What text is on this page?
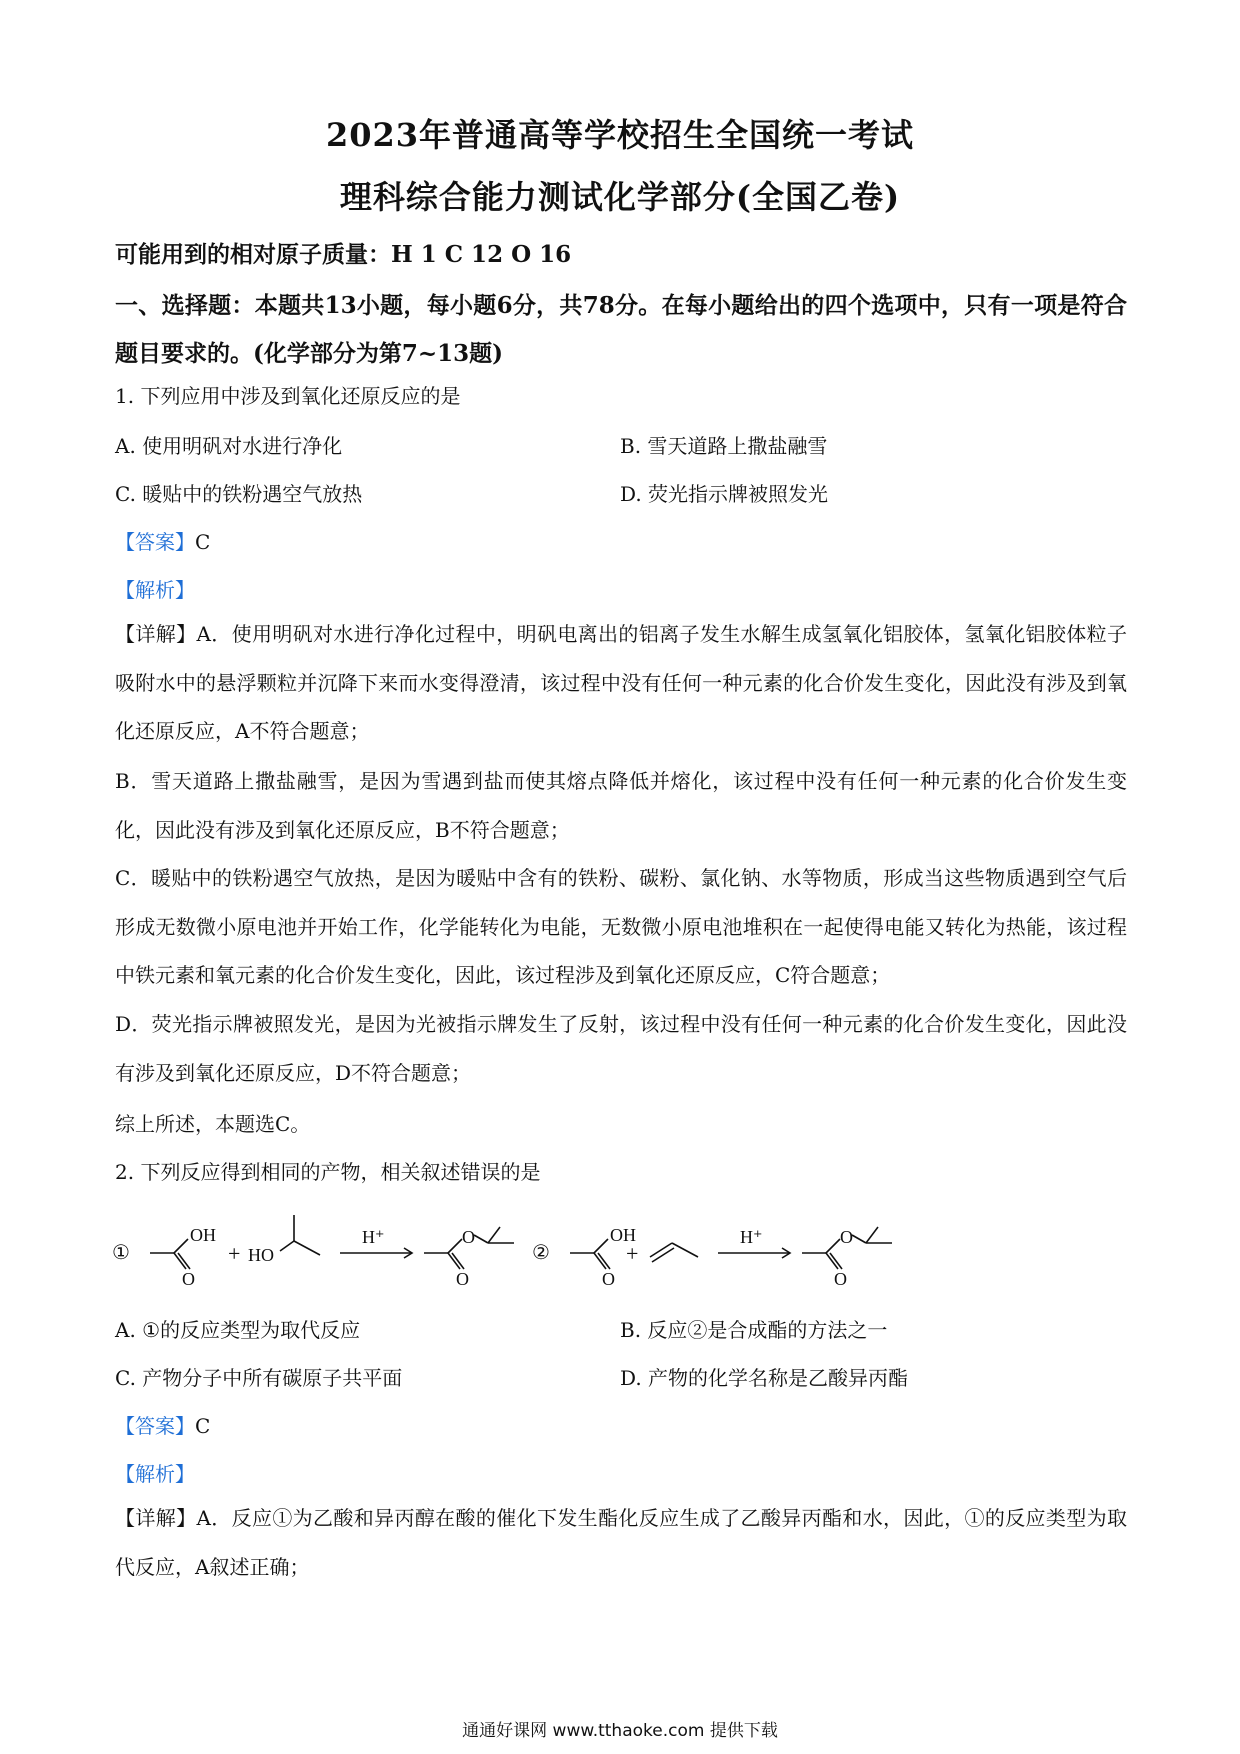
2023年普通高等学校招生全国统一考试
理科综合能力测试化学部分(全国乙卷)
可能用到的相对原子质量：H 1 C 12 O 16
一、选择题：本题共13小题，每小题6分，共78分。在每小题给出的四个选项中，只有一项是符合题目要求的。(化学部分为第7~13题)
1. 下列应用中涉及到氧化还原反应的是
A. 使用明矾对水进行净化	B. 雪天道路上撒盐融雪
C. 暖贴中的铁粉遇空气放热	D. 荧光指示牌被照发光
【答案】C
【解析】
【详解】A．使用明矾对水进行净化过程中，明矾电离出的铝离子发生水解生成氢氧化铝胶体，氢氧化铝胶体粒子吸附水中的悬浮颗粒并沉降下来而水变得澄清，该过程中没有任何一种元素的化合价发生变化，因此没有涉及到氧化还原反应，A不符合题意；
B．雪天道路上撒盐融雪，是因为雪遇到盐而使其熔点降低并熔化，该过程中没有任何一种元素的化合价发生变化，因此没有涉及到氧化还原反应，B不符合题意；
C．暖贴中的铁粉遇空气放热，是因为暖贴中含有的铁粉、碳粉、氯化钠、水等物质，形成当这些物质遇到空气后形成无数微小原电池并开始工作，化学能转化为电能，无数微小原电池堆积在一起使得电能又转化为热能，该过程中铁元素和氧元素的化合价发生变化，因此，该过程涉及到氧化还原反应，C符合题意；
D．荧光指示牌被照发光，是因为光被指示牌发生了反射，该过程中没有任何一种元素的化合价发生变化，因此没有涉及到氧化还原反应，D不符合题意；
综上所述，本题选C。
2. 下列反应得到相同的产物，相关叙述错误的是
①
OH
O
+ HO
H⁺	O
O
②
OH
O
+
H⁺	O
O
A. ①的反应类型为取代反应	B. 反应②是合成酯的方法之一
C. 产物分子中所有碳原子共平面	D. 产物的化学名称是乙酸异丙酯
【答案】C
【解析】
【详解】A．反应①为乙酸和异丙醇在酸的催化下发生酯化反应生成了乙酸异丙酯和水，因此，①的反应类型为取代反应，A叙述正确；
通通好课网 www.tthaoke.com 提供下载
